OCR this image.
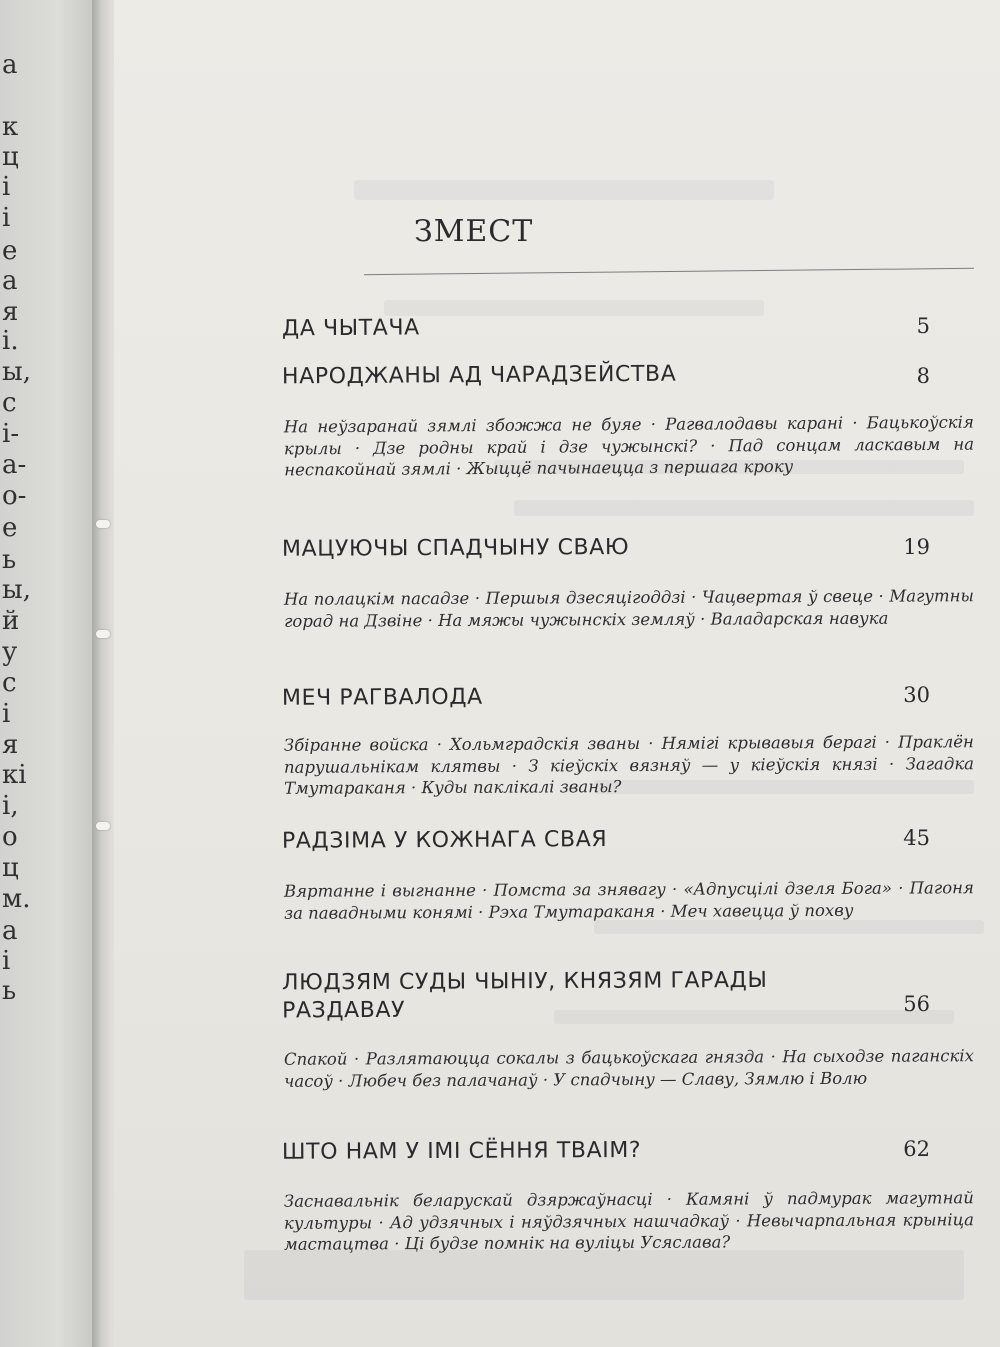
а
к
ц
і
і
е
а
я
і.
ы,
с
і-
а-
о-
е
ь
ы,
й
у
с
і
я
кі
і,
о
ц
м.
а
і
ь
ЗМЕСТ
ДА ЧЫТАЧА	5
НАРОДЖАНЫ АД ЧАРАДЗЕЙСТВА	8
На неўзаранай зямлі збожжа не буяе · Рагвалодавы карані · Бацькоўскія крылы · Дзе родны край і дзе чужынскі? · Пад сонцам ласкавым на неспакойнай зямлі · Жыццё пачынаецца з першага кроку
МАЦУЮЧЫ СПАДЧЫНУ СВАЮ	19
На полацкім пасадзе · Першыя дзесяцігоддзі · Чацвертая ў свеце · Магутны горад на Дзвіне · На мяжы чужынскіх земляў · Валадарская навука
МЕЧ РАГВАЛОДА	30
Збіранне войска · Хольмградскія званы · Нямігі крывавыя берагі · Праклён парушальнікам клятвы · З кіеўскіх вязняў — у кіеўскія князі · Загадка Тмутараканя · Куды паклікалі званы?
РАДЗІМА У КОЖНАГА СВАЯ	45
Вяртанне і выгнанне · Помста за знявагу · «Адпусцілі дзеля Бога» · Пагоня за павадными конямі · Рэха Тмутараканя · Меч хавецца ў похву
ЛЮДЗЯМ СУДЫ ЧЫНІУ, КНЯЗЯМ ГАРАДЫ РАЗДАВАУ	56
Спакой · Разлятаюцца сокалы з бацькоўскага гнязда · На сыходзе паганскіх часоў · Любеч без палачанаў · У спадчыну — Славу, Зямлю і Волю
ШТО НАМ У ІМІ СЁННЯ ТВАІМ?	62
Заснавальнік беларускай дзяржаўнасці · Камяні ў падмурак магутнай культуры · Ад удзячных і няўдзячных нашчадкаў · Невычарпальная крыніца мастацтва · Ці будзе помнік на вуліцы Усяслава?
